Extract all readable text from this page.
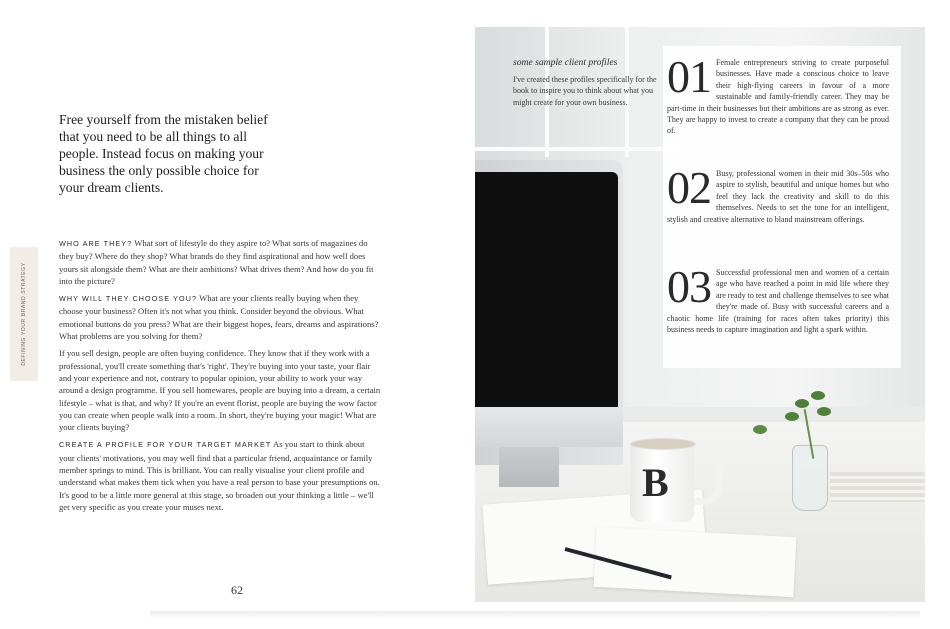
DEFINING YOUR BRAND STRATEGY
Free yourself from the mistaken belief that you need to be all things to all people. Instead focus on making your business the only possible choice for your dream clients.

WHO ARE THEY? What sort of lifestyle do they aspire to? What sorts of magazines do they buy? Where do they shop? What brands do they find aspirational and how well does yours sit alongside them? What are their ambitions? What drives them? And how do you fit into the picture?

WHY WILL THEY CHOOSE YOU? What are your clients really buying when they choose your business? Often it's not what you think. Consider beyond the obvious. What emotional buttons do you press? What are their biggest hopes, fears, dreams and aspirations? What problems are you solving for them?

If you sell design, people are often buying confidence. They know that if they work with a professional, you'll create something that's 'right'. They're buying into your taste, your flair and your experience and not, contrary to popular opinion, your ability to work your way around a design programme. If you sell homewares, people are buying into a dream, a certain lifestyle – what is that, and why? If you're an event florist, people are buying the wow factor you can create when people walk into a room. In short, they're buying your magic! What are your clients buying?

CREATE A PROFILE FOR YOUR TARGET MARKET As you start to think about your clients' motivations, you may well find that a particular friend, acquaintance or family member springs to mind. This is brilliant. You can really visualise your client profile and understand what makes them tick when you have a real person to base your presumptions on. It's good to be a little more general at this stage, so broaden out your thinking a little – we'll get very specific as you create your muses next.

62
B
some sample client profiles
I've created these profiles specifically for the book to inspire you to think about what you might create for your own business.
01 Female entrepreneurs striving to create purposeful businesses. Have made a conscious choice to leave their high-flying careers in favour of a more sustainable and family-friendly career. They may be part-time in their businesses but their ambitions are as strong as ever. They are happy to invest to create a company that they can be proud of.
02 Busy, professional women in their mid 30s–50s who aspire to stylish, beautiful and unique homes but who feel they lack the creativity and skill to do this themselves. Needs to set the tone for an intelligent, stylish and creative alternative to bland mainstream offerings.
03 Successful professional men and women of a certain age who have reached a point in mid life where they are ready to test and challenge themselves to see what they're made of. Busy with successful careers and a chaotic home life (training for races often takes priority) this business needs to capture imagination and light a spark within.
